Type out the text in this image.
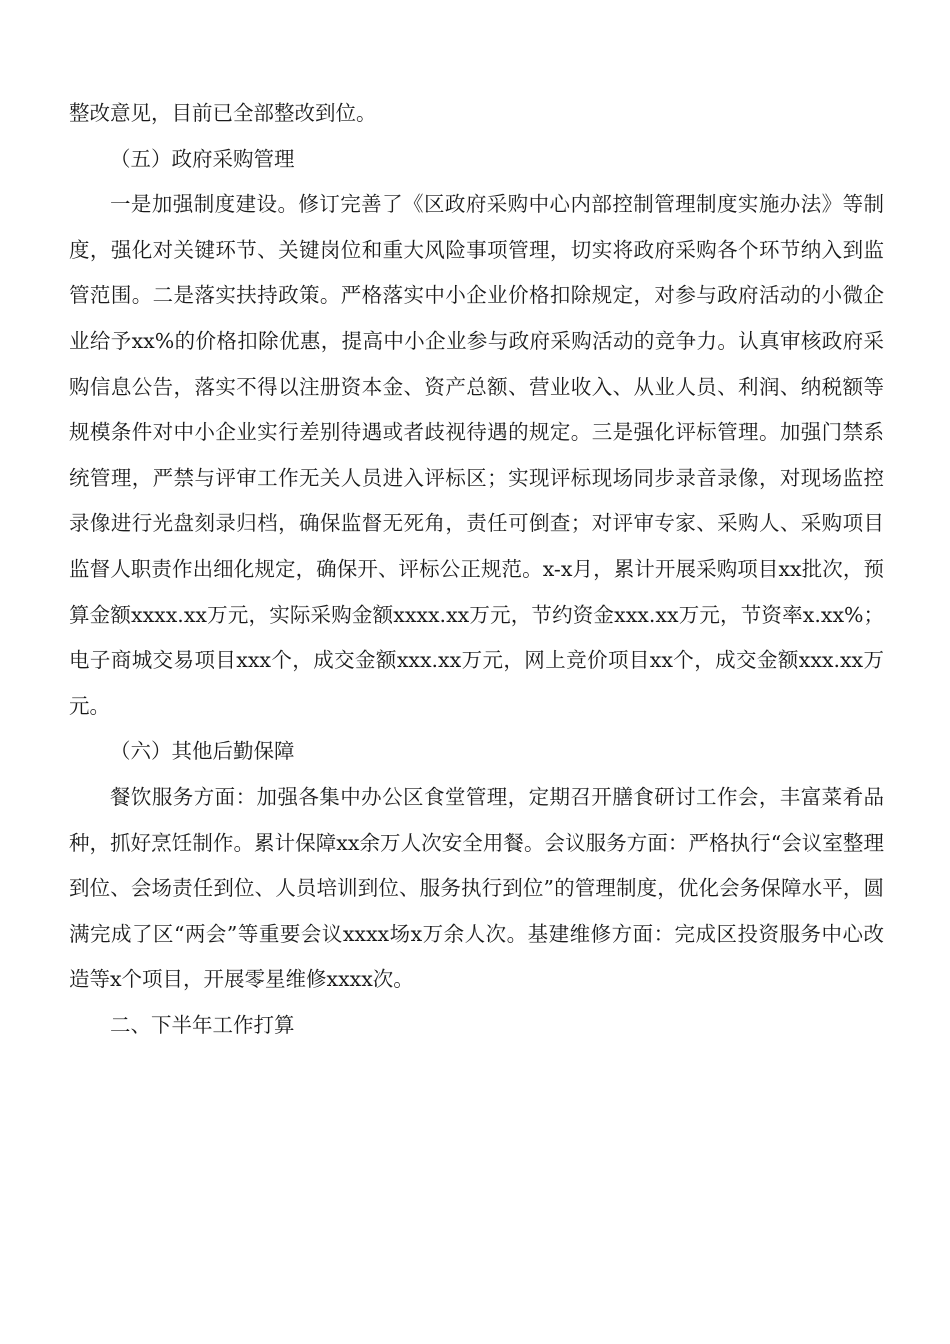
整改意见，目前已全部整改到位。

（五）政府采购管理

一是加强制度建设。修订完善了《区政府采购中心内部控制管理制度实施办法》等制度，强化对关键环节、关键岗位和重大风险事项管理，切实将政府采购各个环节纳入到监管范围。二是落实扶持政策。严格落实中小企业价格扣除规定，对参与政府活动的小微企业给予xx%的价格扣除优惠，提高中小企业参与政府采购活动的竞争力。认真审核政府采购信息公告，落实不得以注册资本金、资产总额、营业收入、从业人员、利润、纳税额等规模条件对中小企业实行差别待遇或者歧视待遇的规定。三是强化评标管理。加强门禁系统管理，严禁与评审工作无关人员进入评标区；实现评标现场同步录音录像，对现场监控录像进行光盘刻录归档，确保监督无死角，责任可倒查；对评审专家、采购人、采购项目监督人职责作出细化规定，确保开、评标公正规范。x-x月，累计开展采购项目xx批次，预算金额xxxx.xx万元，实际采购金额xxxx.xx万元，节约资金xxx.xx万元，节资率x.xx%；电子商城交易项目xxx个，成交金额xxx.xx万元，网上竞价项目xx个，成交金额xxx.xx万元。

（六）其他后勤保障

餐饮服务方面：加强各集中办公区食堂管理，定期召开膳食研讨工作会，丰富菜肴品种，抓好烹饪制作。累计保障xx余万人次安全用餐。会议服务方面：严格执行“会议室整理到位、会场责任到位、人员培训到位、服务执行到位”的管理制度，优化会务保障水平，圆满完成了区“两会”等重要会议xxxx场x万余人次。基建维修方面：完成区投资服务中心改造等x个项目，开展零星维修xxxx次。

二、下半年工作打算
